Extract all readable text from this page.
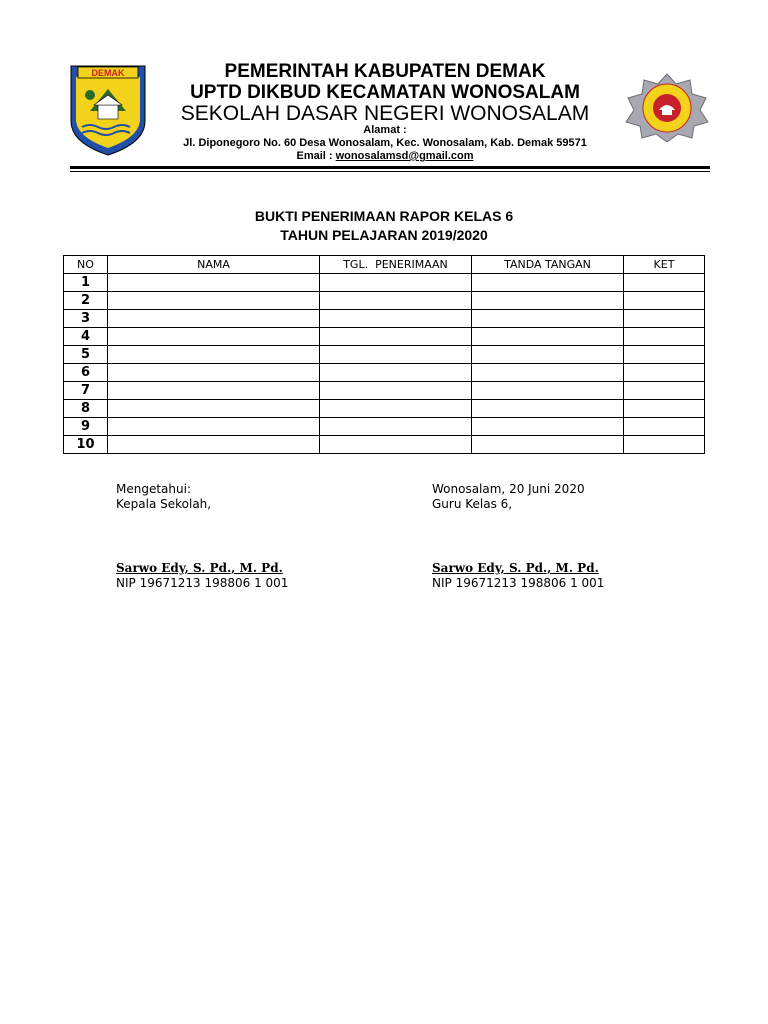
DEMAK	PEMERINTAH KABUPATEN DEMAK
UPTD DIKBUD KECAMATAN WONOSALAM
SEKOLAH DASAR NEGERI WONOSALAM
Alamat :
Jl. Diponegoro No. 60 Desa Wonosalam, Kec. Wonosalam, Kab. Demak 59571
Email : wonosalamsd@gmail.com
BUKTI PENERIMAAN RAPOR KELAS 6
TAHUN PELAJARAN 2019/2020
NO	NAMA	TGL.  PENERIMAAN	TANDA TANGAN	KET
1				
2				
3				
4				
5				
6				
7				
8				
9				
10				
Mengetahui:
Kepala Sekolah,
Sarwo Edy, S. Pd., M. Pd.
NIP 19671213 198806 1 001
Wonosalam, 20 Juni 2020
Guru Kelas 6,
Sarwo Edy, S. Pd., M. Pd.
NIP 19671213 198806 1 001
